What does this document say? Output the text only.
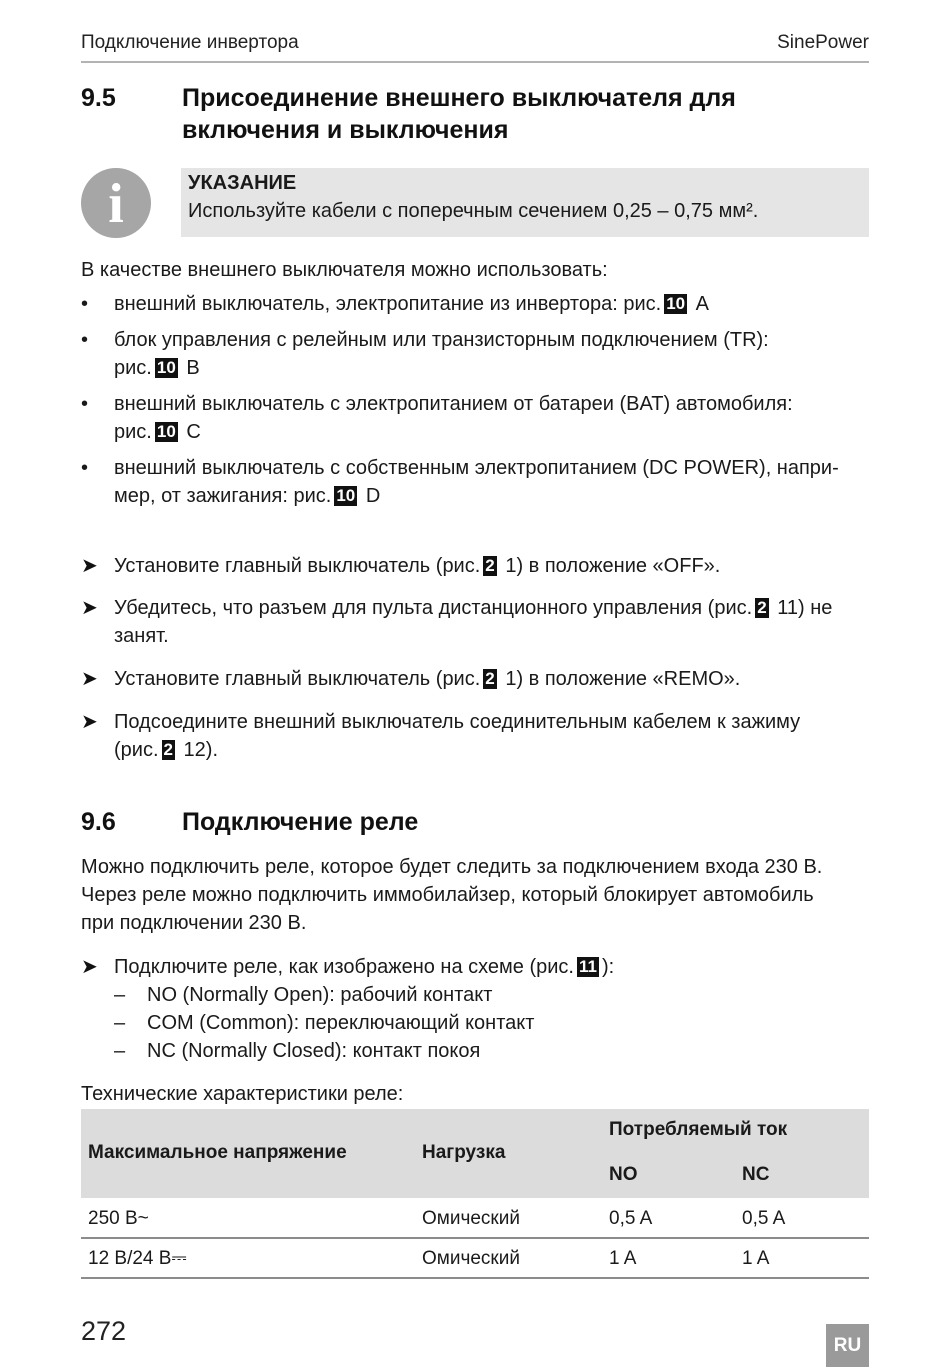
Подключение инвертора	SinePower
9.5	Присоединение внешнего выключателя для включения и выключения
i	УКАЗАНИЕ
Используйте кабели с поперечным сечением 0,25 – 0,75 мм².
В качестве внешнего выключателя можно использовать:
•	внешний выключатель, электропитание из инвертора: рис. 10 A
•	блок управления с релейным или транзисторным подключением (TR):
рис. 10 B
•	внешний выключатель с электропитанием от батареи (BAT) автомобиля:
рис. 10 C
•	внешний выключатель с собственным электропитанием (DC POWER), напри-
мер, от зажигания: рис. 10 D
➤ Установите главный выключатель (рис. 2 1) в положение «OFF».
➤ Убедитесь, что разъем для пульта дистанционного управления (рис. 2 11) не
занят.
➤ Установите главный выключатель (рис. 2 1) в положение «REMO».
➤ Подсоедините внешний выключатель соединительным кабелем к зажиму
(рис. 2 12).
9.6	Подключение реле
Можно подключить реле, которое будет следить за подключением входа 230 В.
Через реле можно подключить иммобилайзер, который блокирует автомобиль
при подключении 230 В.
➤ Подключите реле, как изображено на схеме (рис. 11 ):
– NO (Normally Open): рабочий контакт
– COM (Common): переключающий контакт
– NC (Normally Closed): контакт покоя
Технические характеристики реле:
Максимальное напряжение	Нагрузка
Потребляемый ток
NO	NC
250 В~	Омический	0,5 A	0,5 A
12 В/24 В⎓	Омический	1 A	1 A
272	RU
